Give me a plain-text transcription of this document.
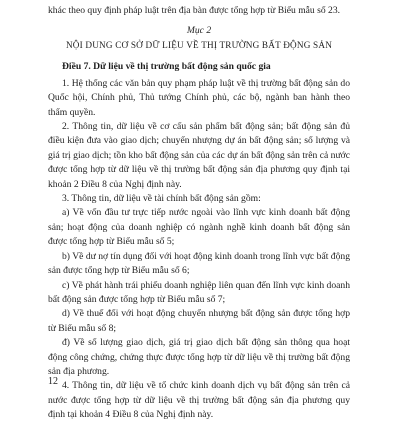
khác theo quy định pháp luật trên địa bàn được tổng hợp từ Biểu mẫu số 23.

Mục 2
NỘI DUNG CƠ SỞ DỮ LIỆU VỀ THỊ TRƯỜNG BẤT ĐỘNG SẢN

Điều 7. Dữ liệu về thị trường bất động sản quốc gia

1. Hệ thống các văn bản quy phạm pháp luật về thị trường bất động sản do Quốc hội, Chính phủ, Thủ tướng Chính phủ, các bộ, ngành ban hành theo thẩm quyền.

2. Thông tin, dữ liệu về cơ cấu sản phẩm bất động sản; bất động sản đủ điều kiện đưa vào giao dịch; chuyển nhượng dự án bất động sản; số lượng và giá trị giao dịch; tồn kho bất động sản của các dự án bất động sản trên cả nước được tổng hợp từ dữ liệu về thị trường bất động sản địa phương quy định tại khoản 2 Điều 8 của Nghị định này.

3. Thông tin, dữ liệu về tài chính bất động sản gồm:

a) Về vốn đầu tư trực tiếp nước ngoài vào lĩnh vực kinh doanh bất động sản; hoạt động của doanh nghiệp có ngành nghề kinh doanh bất động sản được tổng hợp từ Biểu mẫu số 5;

b) Về dư nợ tín dụng đối với hoạt động kinh doanh trong lĩnh vực bất động sản được tổng hợp từ Biểu mẫu số 6;

c) Về phát hành trái phiếu doanh nghiệp liên quan đến lĩnh vực kinh doanh bất động sản được tổng hợp từ Biểu mẫu số 7;

d) Về thuế đối với hoạt động chuyển nhượng bất động sản được tổng hợp từ Biểu mẫu số 8;

đ) Về số lượng giao dịch, giá trị giao dịch bất động sản thông qua hoạt động công chứng, chứng thực được tổng hợp từ dữ liệu về thị trường bất động sản địa phương.

4. Thông tin, dữ liệu về tổ chức kinh doanh dịch vụ bất động sản trên cả nước được tổng hợp từ dữ liệu về thị trường bất động sản địa phương quy định tại khoản 4 Điều 8 của Nghị định này.

12
